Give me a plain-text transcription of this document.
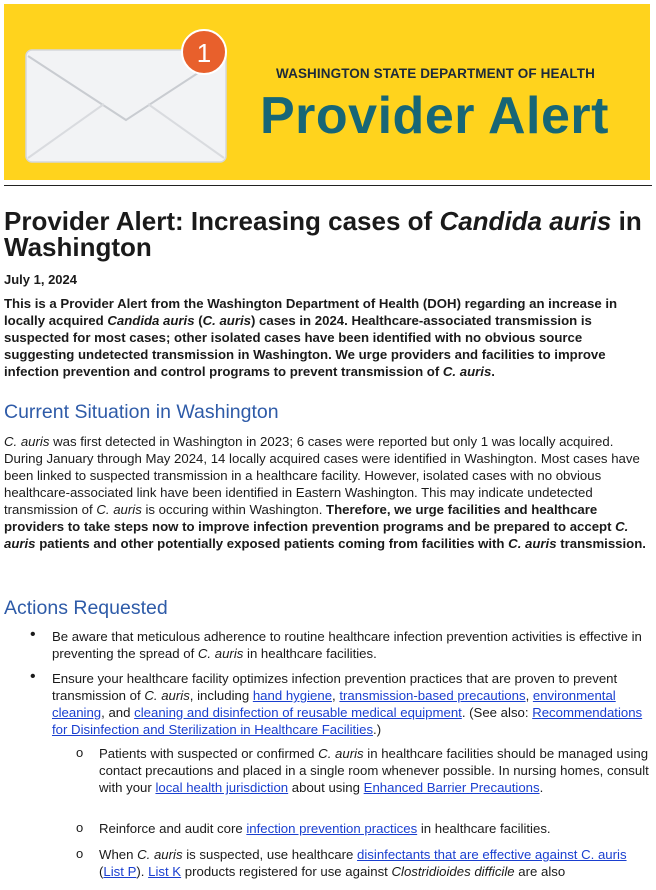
1
WASHINGTON STATE DEPARTMENT OF HEALTH
Provider Alert
Provider Alert: Increasing cases of Candida auris in Washington
July 1, 2024

This is a Provider Alert from the Washington Department of Health (DOH) regarding an increase in locally acquired Candida auris (C. auris) cases in 2024. Healthcare-associated transmission is suspected for most cases; other isolated cases have been identified with no obvious source suggesting undetected transmission in Washington. We urge providers and facilities to improve infection prevention and control programs to prevent transmission of C. auris.

Current Situation in Washington

C. auris was first detected in Washington in 2023; 6 cases were reported but only 1 was locally acquired. During January through May 2024, 14 locally acquired cases were identified in Washington. Most cases have been linked to suspected transmission in a healthcare facility. However, isolated cases with no obvious healthcare-associated link have been identified in Eastern Washington. This may indicate undetected transmission of C. auris is occuring within Washington. Therefore, we urge facilities and healthcare providers to take steps now to improve infection prevention programs and be prepared to accept C. auris patients and other potentially exposed patients coming from facilities with C. auris transmission.

Actions Requested
• Be aware that meticulous adherence to routine healthcare infection prevention activities is effective in preventing the spread of C. auris in healthcare facilities.

• Ensure your healthcare facility optimizes infection prevention practices that are proven to prevent transmission of C. auris, including hand hygiene, transmission-based precautions, environmental cleaning, and cleaning and disinfection of reusable medical equipment. (See also: Recommendations for Disinfection and Sterilization in Healthcare Facilities.)

o Patients with suspected or confirmed C. auris in healthcare facilities should be managed using contact precautions and placed in a single room whenever possible. In nursing homes, consult with your local health jurisdiction about using Enhanced Barrier Precautions.

o Reinforce and audit core infection prevention practices in healthcare facilities.

o When C. auris is suspected, use healthcare disinfectants that are effective against C. auris (List P). List K products registered for use against Clostridioides difficile are also
